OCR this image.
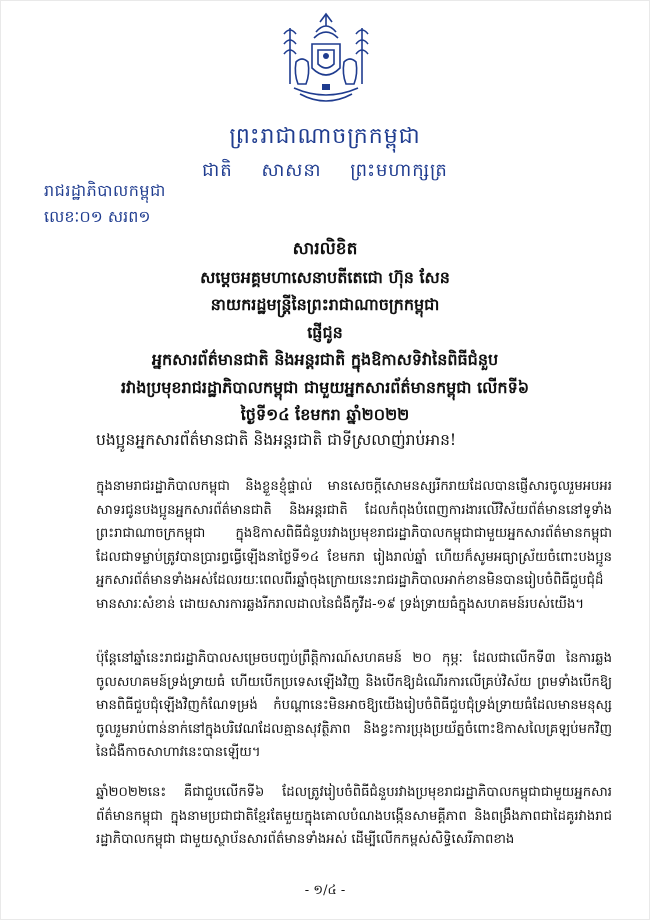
ព្រះរាជាណាចក្រកម្ពុជា
ជាតិ សាសនា ព្រះមហាក្សត្រ
រាជរដ្ឋាភិបាលកម្ពុជា
លេខៈ០១ សរព១
សារលិខិត
សម្តេចអគ្គមហាសេនាបតីតេជោ ហ៊ុន សែន
នាយករដ្ឋមន្ត្រីនៃព្រះរាជាណាចក្រកម្ពុជា
ផ្ញើជូន
អ្នកសារព័ត៌មានជាតិ និងអន្តរជាតិ ក្នុងឱកាសទិវានៃពិធីជំនួប
រវាងប្រមុខរាជរដ្ឋាភិបាលកម្ពុជា ជាមួយអ្នកសារព័ត៌មានកម្ពុជា លើកទី៦
ថ្ងៃទី១៤ ខែមករា ឆ្នាំ២០២២
បងប្អូនអ្នកសារព័ត៌មានជាតិ និងអន្តរជាតិ ជាទីស្រលាញ់រាប់អាន!

ក្នុងនាមរាជរដ្ឋាភិបាលកម្ពុជា និងខ្លួនខ្ញុំផ្ទាល់ មានសេចក្តីសោមនស្សរីករាយដែលបានផ្ញើសារចូលរួមអបអរសាទរជូនបងប្អូនអ្នកសារព័ត៌មានជាតិ និងអន្តរជាតិ ដែលកំពុងបំពេញការងារលើវិស័យព័ត៌មាននៅទូទាំងព្រះរាជាណាចក្រកម្ពុជា ក្នុងឱកាសពិធីជំនួបរវាងប្រមុខរាជរដ្ឋាភិបាលកម្ពុជាជាមួយអ្នកសារព័ត៌មានកម្ពុជា ដែលជាទម្លាប់ត្រូវបានប្រារព្ធធ្វើឡើងនាថ្ងៃទី១៤ ខែមករា រៀងរាល់ឆ្នាំ ហើយក៏សូមអធ្យាស្រ័យចំពោះបងប្អូនអ្នកសារព័ត៌មានទាំងអស់ដែលរយៈពេលពីរឆ្នាំចុងក្រោយនេះរាជរដ្ឋាភិបាលអាក់ខានមិនបានរៀបចំពិធីជួបជុំដ៏មានសារៈសំខាន់ ដោយសារការឆ្លងរីករាលដាលនៃជំងឺកូវីដ-១៩ ទ្រង់ទ្រាយធំក្នុងសហគមន៍របស់យើង។

ប៉ុន្តែនៅឆ្នាំនេះរាជរដ្ឋាភិបាលសម្រេចបញ្ចប់ព្រឹត្តិការណ៍សហគមន៍ ២០ កុម្ភៈ ដែលជាលើកទី៣ នៃការឆ្លងចូលសហគមន៍ទ្រង់ទ្រាយធំ ហើយបើកប្រទេសឡើងវិញ និងបើកឱ្យដំណើរការលើគ្រប់វិស័យ ព្រមទាំងបើកឱ្យមានពិធីជួបជុំឡើងវិញកំណែទម្រង់ កំបណ្តានេះមិនអាចឱ្យយើងរៀបចំពិធីជួបជុំទ្រង់ទ្រាយធំដែលមានមនុស្សចូលរួមរាប់ពាន់នាក់នៅក្នុងបរិវេណដែលគ្មានសុវត្ថិភាព និងខ្វះការប្រុងប្រយ័ត្នចំពោះឱកាសលៃគ្រឡប់មកវិញនៃជំងឺកាចសាហាវនេះបានឡើយ។

ឆ្នាំ២០២២នេះ គឺជាជួបលើកទី៦ ដែលត្រូវរៀបចំពិធីជំនួបរវាងប្រមុខរាជរដ្ឋាភិបាលកម្ពុជាជាមួយអ្នកសារព័ត៌មានកម្ពុជា ក្នុងនាមប្រជាជាតិខ្មែរតែមួយក្នុងគោលបំណងបង្កើនសាមគ្គីភាព និងពង្រឹងភាពជាដៃគូរវាងរាជរដ្ឋាភិបាលកម្ពុជា ជាមួយស្ថាប័នសារព័ត៌មានទាំងអស់ ដើម្បីលើកកម្ពស់សិទ្ធិសេរីភាពខាង

- ១/៤ -
